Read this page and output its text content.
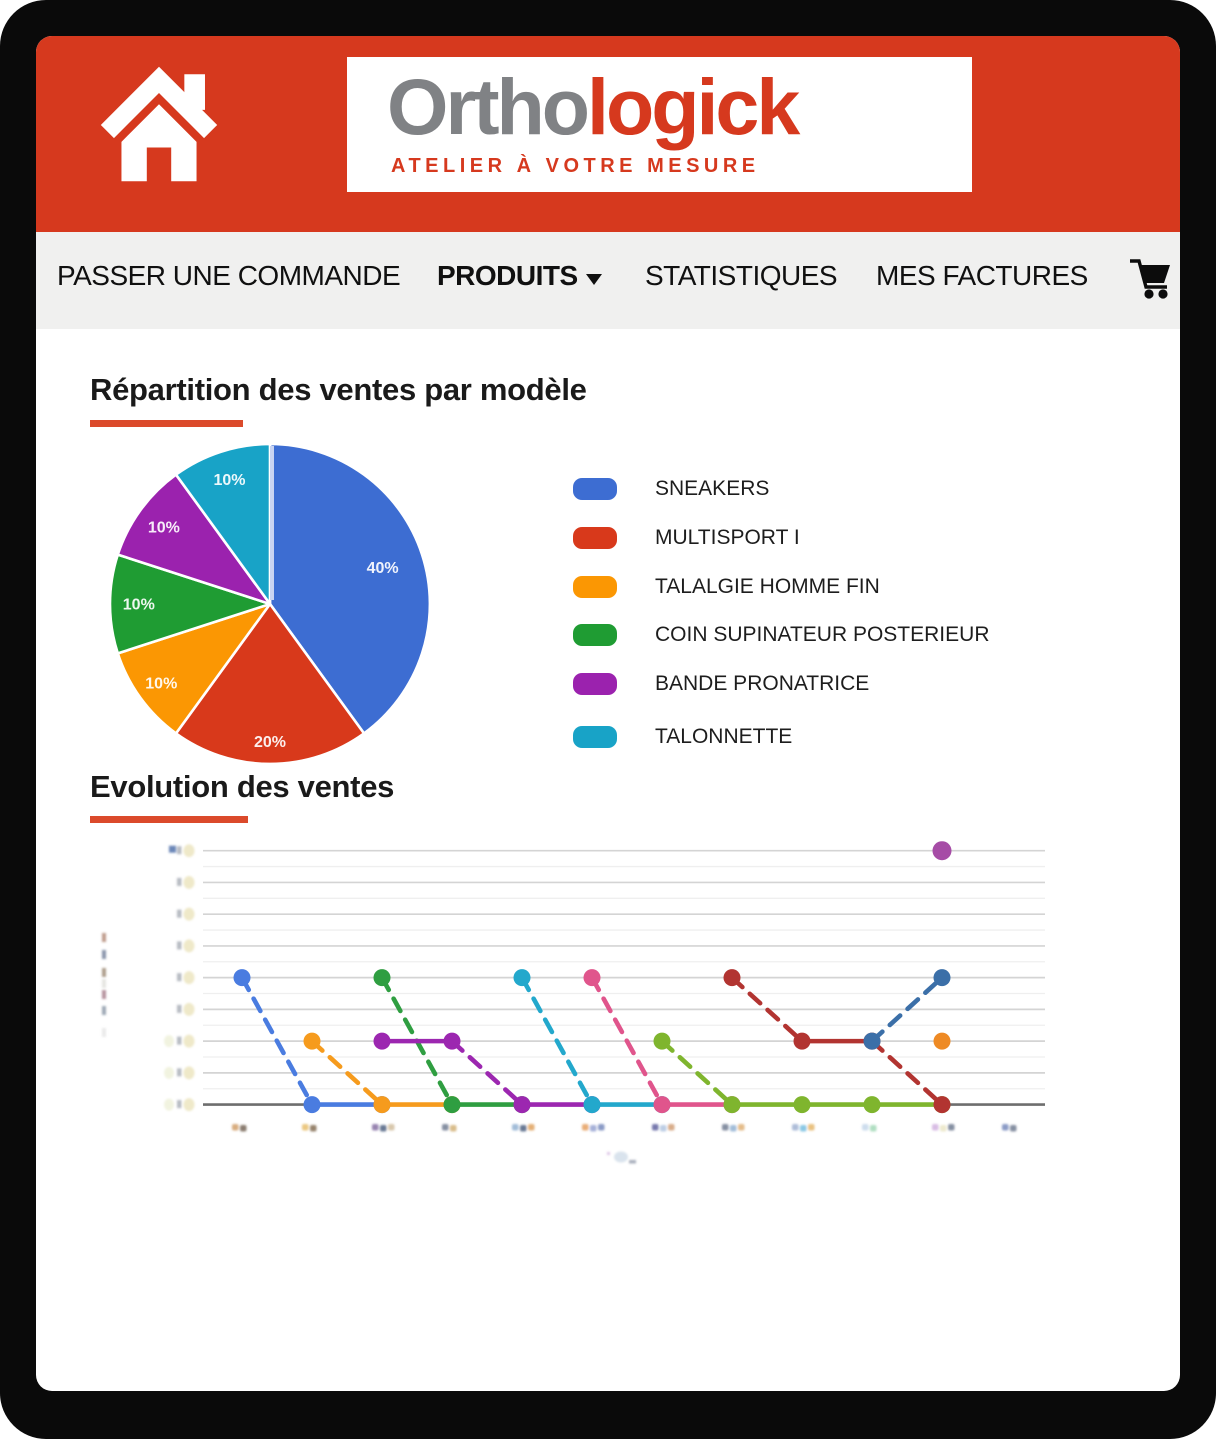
Orthologick
ATELIER À VOTRE MESURE
PASSER UNE COMMANDE PRODUITS	STATISTIQUES MES FACTURES
Répartition des ventes par modèle
40%
20%
10%
10%
10%
10%	SNEAKERS
MULTISPORT I
TALALGIE HOMME FIN
COIN SUPINATEUR POSTERIEUR
BANDE PRONATRICE
TALONNETTE
Evolution des ventes
